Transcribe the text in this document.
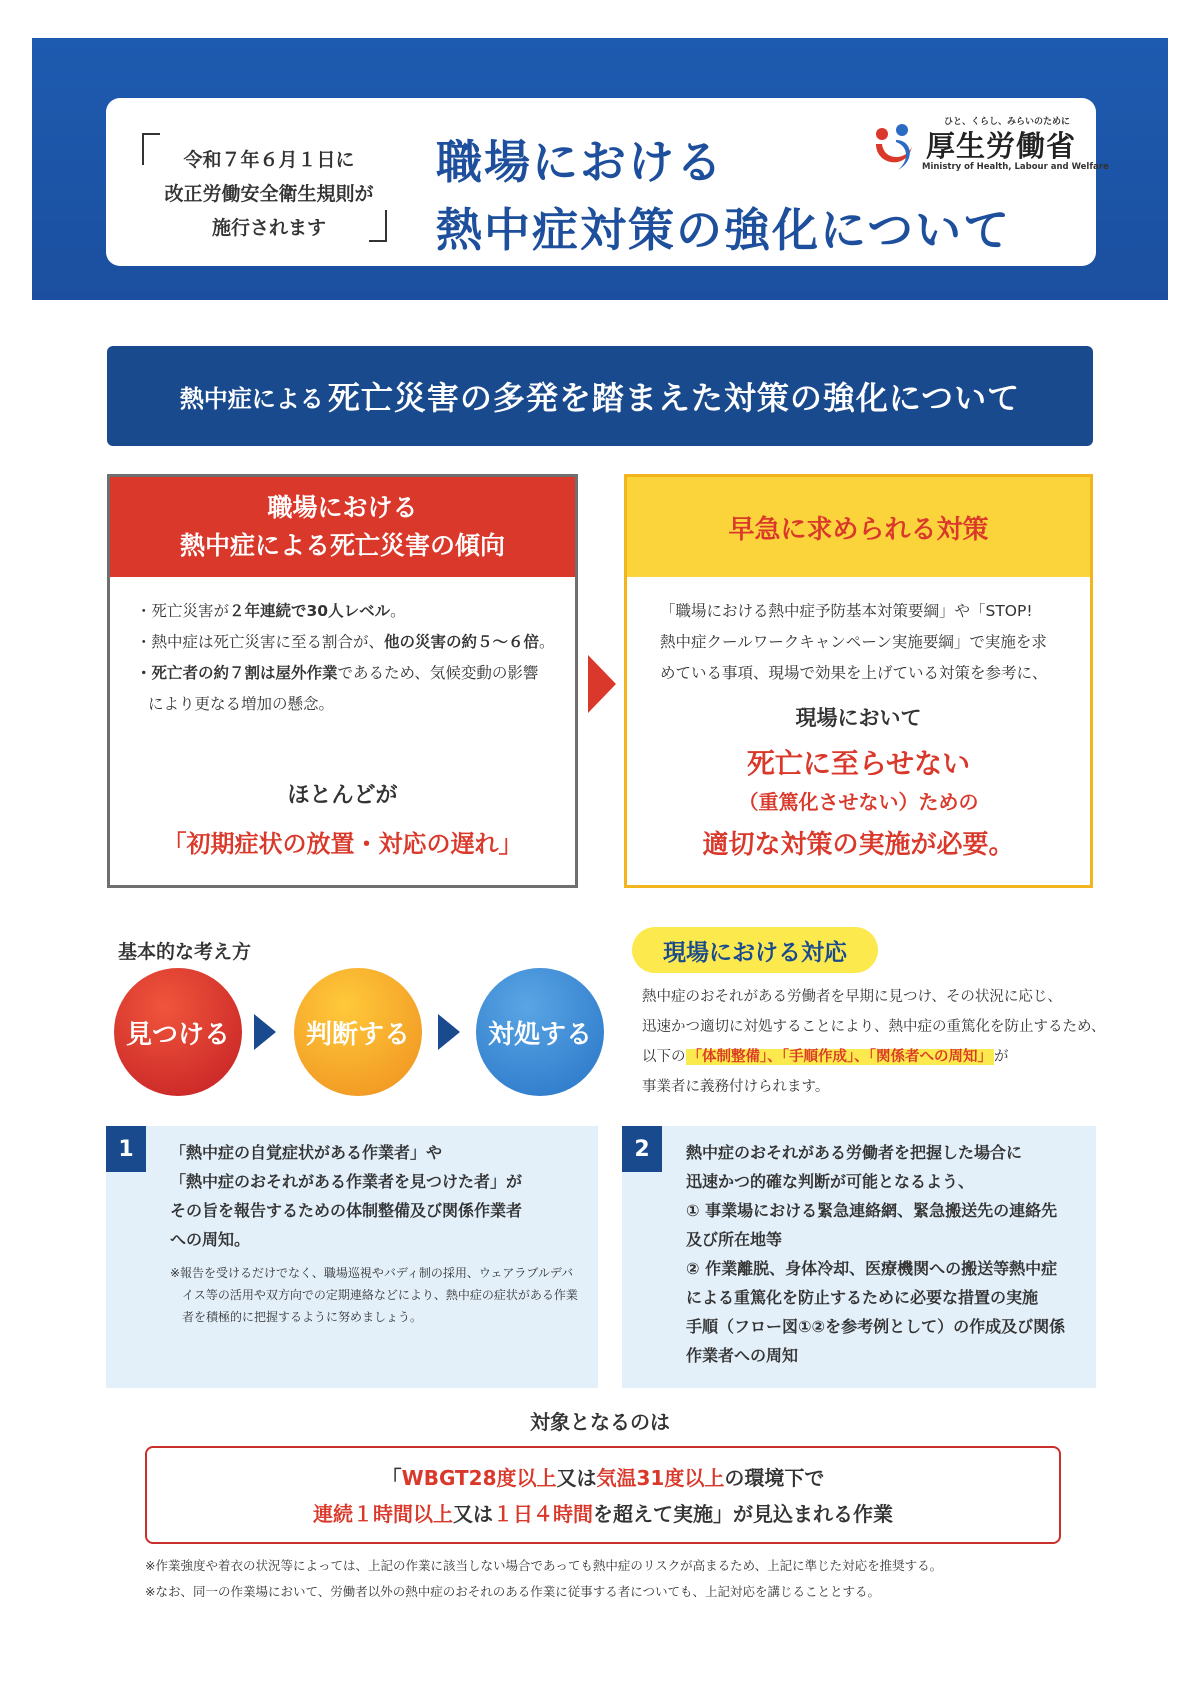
令和７年６月１日に
改正労働安全衛生規則が
施行されます
職場における
熱中症対策の強化について
ひと、くらし、みらいのために
厚生労働省
Ministry of Health, Labour and Welfare
熱中症による 死亡災害の多発を踏まえた対策の強化について
職場における
熱中症による死亡災害の傾向
・死亡災害が２年連続で30人レベル。
・熱中症は死亡災害に至る割合が、他の災害の約５～６倍。
・死亡者の約７割は屋外作業であるため、気候変動の影響
により更なる増加の懸念。
ほとんどが
「初期症状の放置・対応の遅れ」
早急に求められる対策
「職場における熱中症予防基本対策要綱」や「STOP!
熱中症クールワークキャンペーン実施要綱」で実施を求
めている事項、現場で効果を上げている対策を参考に、
現場において
死亡に至らせない
（重篤化させない）ための
適切な対策の実施が必要。
基本的な考え方
見つける	判断する	対処する
現場における対応
熱中症のおそれがある労働者を早期に見つけ、その状況に応じ、
迅速かつ適切に対処することにより、熱中症の重篤化を防止するため、
以下の 「体制整備」、「手順作成」、「関係者への周知」 が
事業者に義務付けられます。
1	「熱中症の自覚症状がある作業者」や
「熱中症のおそれがある作業者を見つけた者」が
その旨を報告するための体制整備及び関係作業者
への周知。
※報告を受けるだけでなく、職場巡視やバディ制の採用、ウェアラブルデバイス等の活用や双方向での定期連絡などにより、熱中症の症状がある作業者を積極的に把握するように努めましょう。
2	熱中症のおそれがある労働者を把握した場合に
迅速かつ的確な判断が可能となるよう、
① 事業場における緊急連絡網、緊急搬送先の連絡先
及び所在地等
② 作業離脱、身体冷却、医療機関への搬送等熱中症
による重篤化を防止するために必要な措置の実施
手順（フロー図①②を参考例として）の作成及び関係
作業者への周知
対象となるのは
「WBGT28度以上又は気温31度以上の環境下で
連続１時間以上又は１日４時間を超えて実施」が見込まれる作業
※作業強度や着衣の状況等によっては、上記の作業に該当しない場合であっても熱中症のリスクが高まるため、上記に準じた対応を推奨する。
※なお、同一の作業場において、労働者以外の熱中症のおそれのある作業に従事する者についても、上記対応を講じることとする。
